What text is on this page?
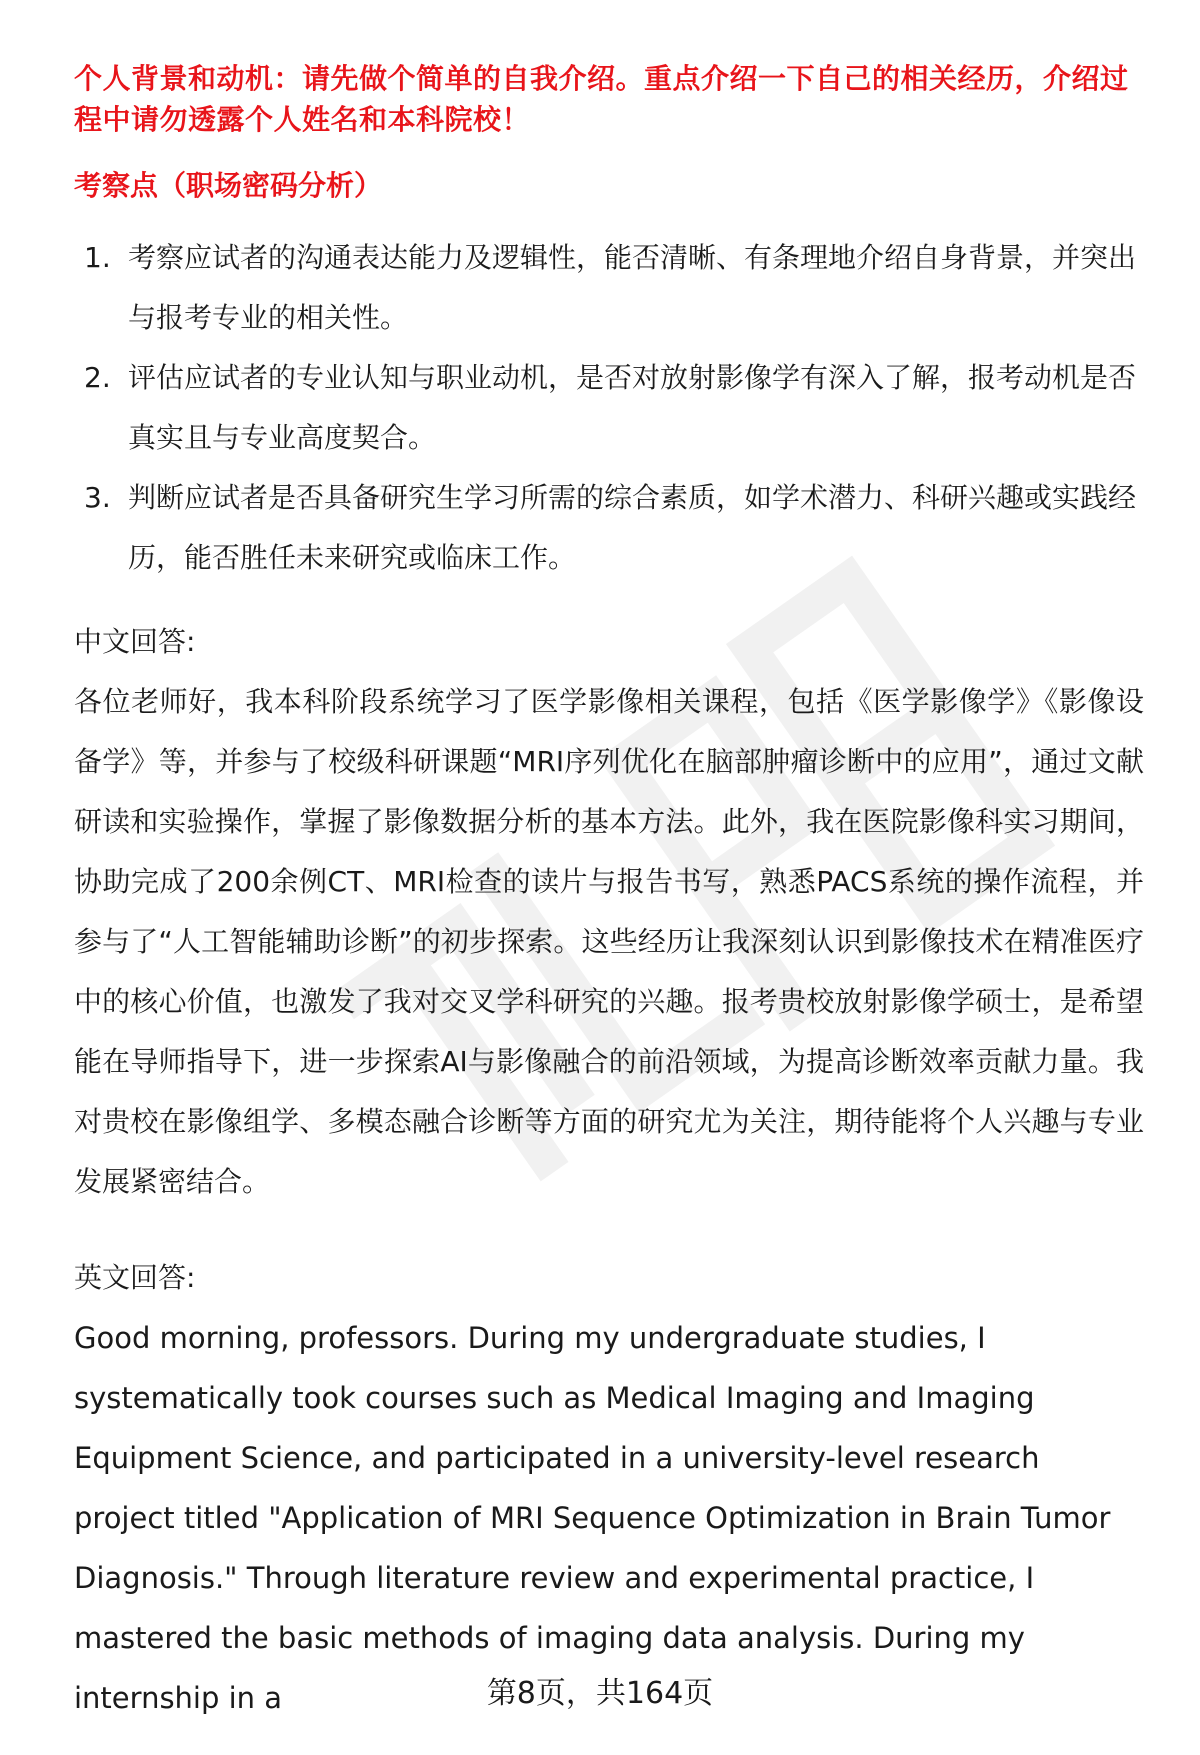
个人背景和动机：请先做个简单的自我介绍。重点介绍一下自己的相关经历，介绍过程中请勿透露个人姓名和本科院校！

考察点（职场密码分析）

1. 考察应试者的沟通表达能力及逻辑性，能否清晰、有条理地介绍自身背景，并突出与报考专业的相关性。
2. 评估应试者的专业认知与职业动机，是否对放射影像学有深入了解，报考动机是否真实且与专业高度契合。
3. 判断应试者是否具备研究生学习所需的综合素质，如学术潜力、科研兴趣或实践经历，能否胜任未来研究或临床工作。

中文回答:

各位老师好，我本科阶段系统学习了医学影像相关课程，包括《医学影像学》《影像设备学》等，并参与了校级科研课题“MRI序列优化在脑部肿瘤诊断中的应用”，通过文献研读和实验操作，掌握了影像数据分析的基本方法。此外，我在医院影像科实习期间，协助完成了200余例CT、MRI检查的读片与报告书写，熟悉PACS系统的操作流程，并参与了“人工智能辅助诊断”的初步探索。这些经历让我深刻认识到影像技术在精准医疗中的核心价值，也激发了我对交叉学科研究的兴趣。报考贵校放射影像学硕士，是希望能在导师指导下，进一步探索AI与影像融合的前沿领域，为提高诊断效率贡献力量。我对贵校在影像组学、多模态融合诊断等方面的研究尤为关注，期待能将个人兴趣与专业发展紧密结合。

英文回答:

Good morning, professors. During my undergraduate studies, I systematically took courses such as Medical Imaging and Imaging Equipment Science, and participated in a university-level research project titled "Application of MRI Sequence Optimization in Brain Tumor Diagnosis." Through literature review and experimental practice, I mastered the basic methods of imaging data analysis. During my internship in a	第8页，共164页
